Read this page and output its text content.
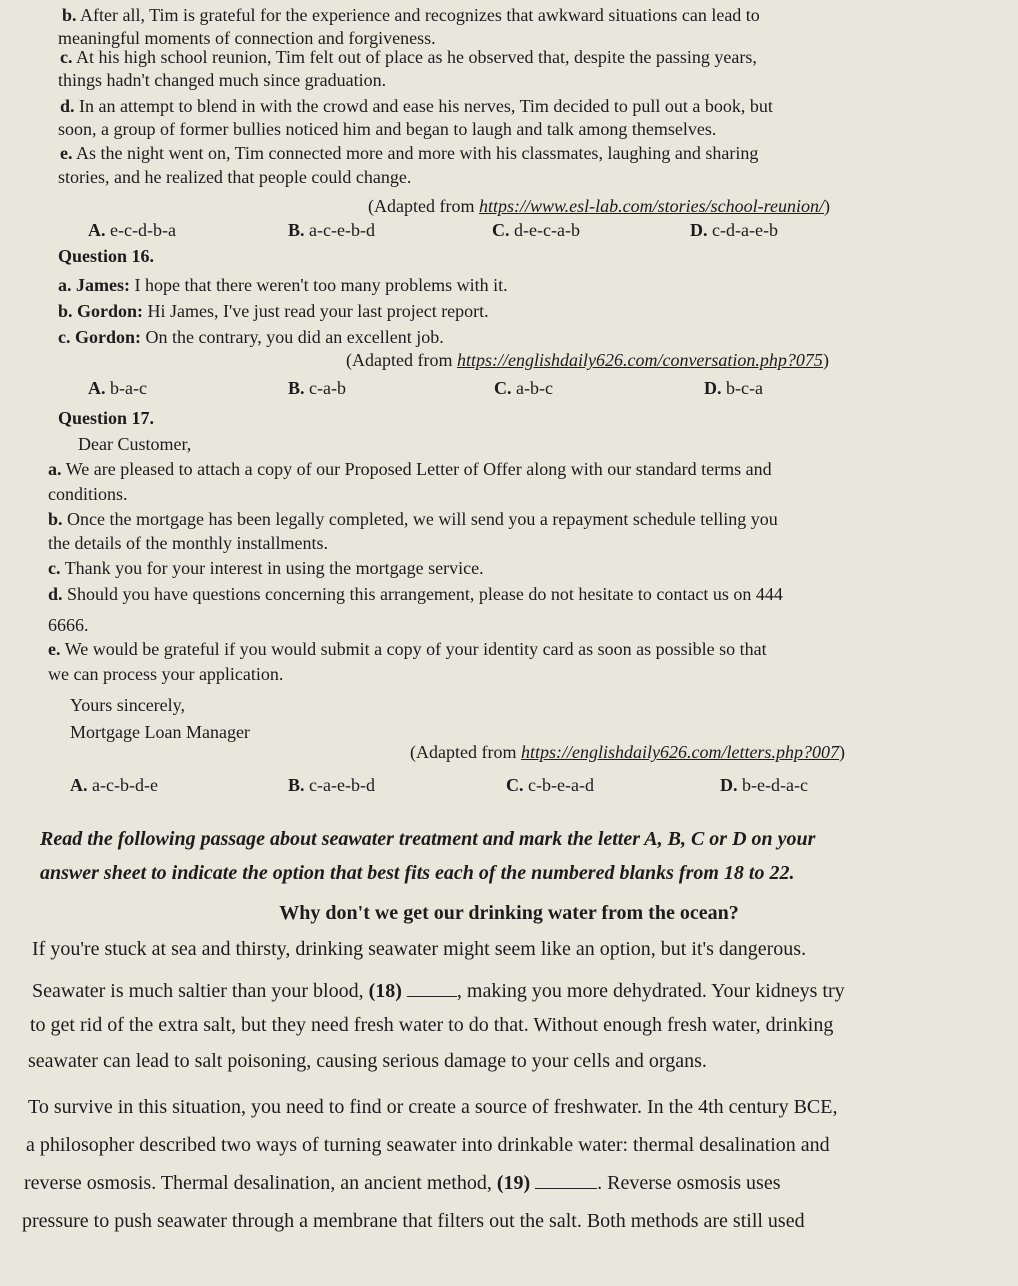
b. After all, Tim is grateful for the experience and recognizes that awkward situations can lead to
meaningful moments of connection and forgiveness.
c. At his high school reunion, Tim felt out of place as he observed that, despite the passing years,
things hadn't changed much since graduation.
d. In an attempt to blend in with the crowd and ease his nerves, Tim decided to pull out a book, but
soon, a group of former bullies noticed him and began to laugh and talk among themselves.
e. As the night went on, Tim connected more and more with his classmates, laughing and sharing
stories, and he realized that people could change.
(Adapted from https://www.esl-lab.com/stories/school-reunion/)
A. e-c-d-b-a	B. a-c-e-b-d	C. d-e-c-a-b	D. c-d-a-e-b
Question 16.
a. James: I hope that there weren't too many problems with it.
b. Gordon: Hi James, I've just read your last project report.
c. Gordon: On the contrary, you did an excellent job.
(Adapted from https://englishdaily626.com/conversation.php?075)
A. b-a-c	B. c-a-b	C. a-b-c	D. b-c-a
Question 17.
Dear Customer,
a. We are pleased to attach a copy of our Proposed Letter of Offer along with our standard terms and
conditions.
b. Once the mortgage has been legally completed, we will send you a repayment schedule telling you
the details of the monthly installments.
c. Thank you for your interest in using the mortgage service.
d. Should you have questions concerning this arrangement, please do not hesitate to contact us on 444
6666.
e. We would be grateful if you would submit a copy of your identity card as soon as possible so that
we can process your application.
Yours sincerely,
Mortgage Loan Manager
(Adapted from https://englishdaily626.com/letters.php?007)
A. a-c-b-d-e	B. c-a-e-b-d	C. c-b-e-a-d	D. b-e-d-a-c
Read the following passage about seawater treatment and mark the letter A, B, C or D on your
answer sheet to indicate the option that best fits each of the numbered blanks from 18 to 22.
Why don't we get our drinking water from the ocean?
If you're stuck at sea and thirsty, drinking seawater might seem like an option, but it's dangerous.
Seawater is much saltier than your blood, (18)	, making you more dehydrated. Your kidneys try
to get rid of the extra salt, but they need fresh water to do that. Without enough fresh water, drinking
seawater can lead to salt poisoning, causing serious damage to your cells and organs.
To survive in this situation, you need to find or create a source of freshwater. In the 4th century BCE,
a philosopher described two ways of turning seawater into drinkable water: thermal desalination and
reverse osmosis. Thermal desalination, an ancient method, (19)	. Reverse osmosis uses
pressure to push seawater through a membrane that filters out the salt. Both methods are still used
